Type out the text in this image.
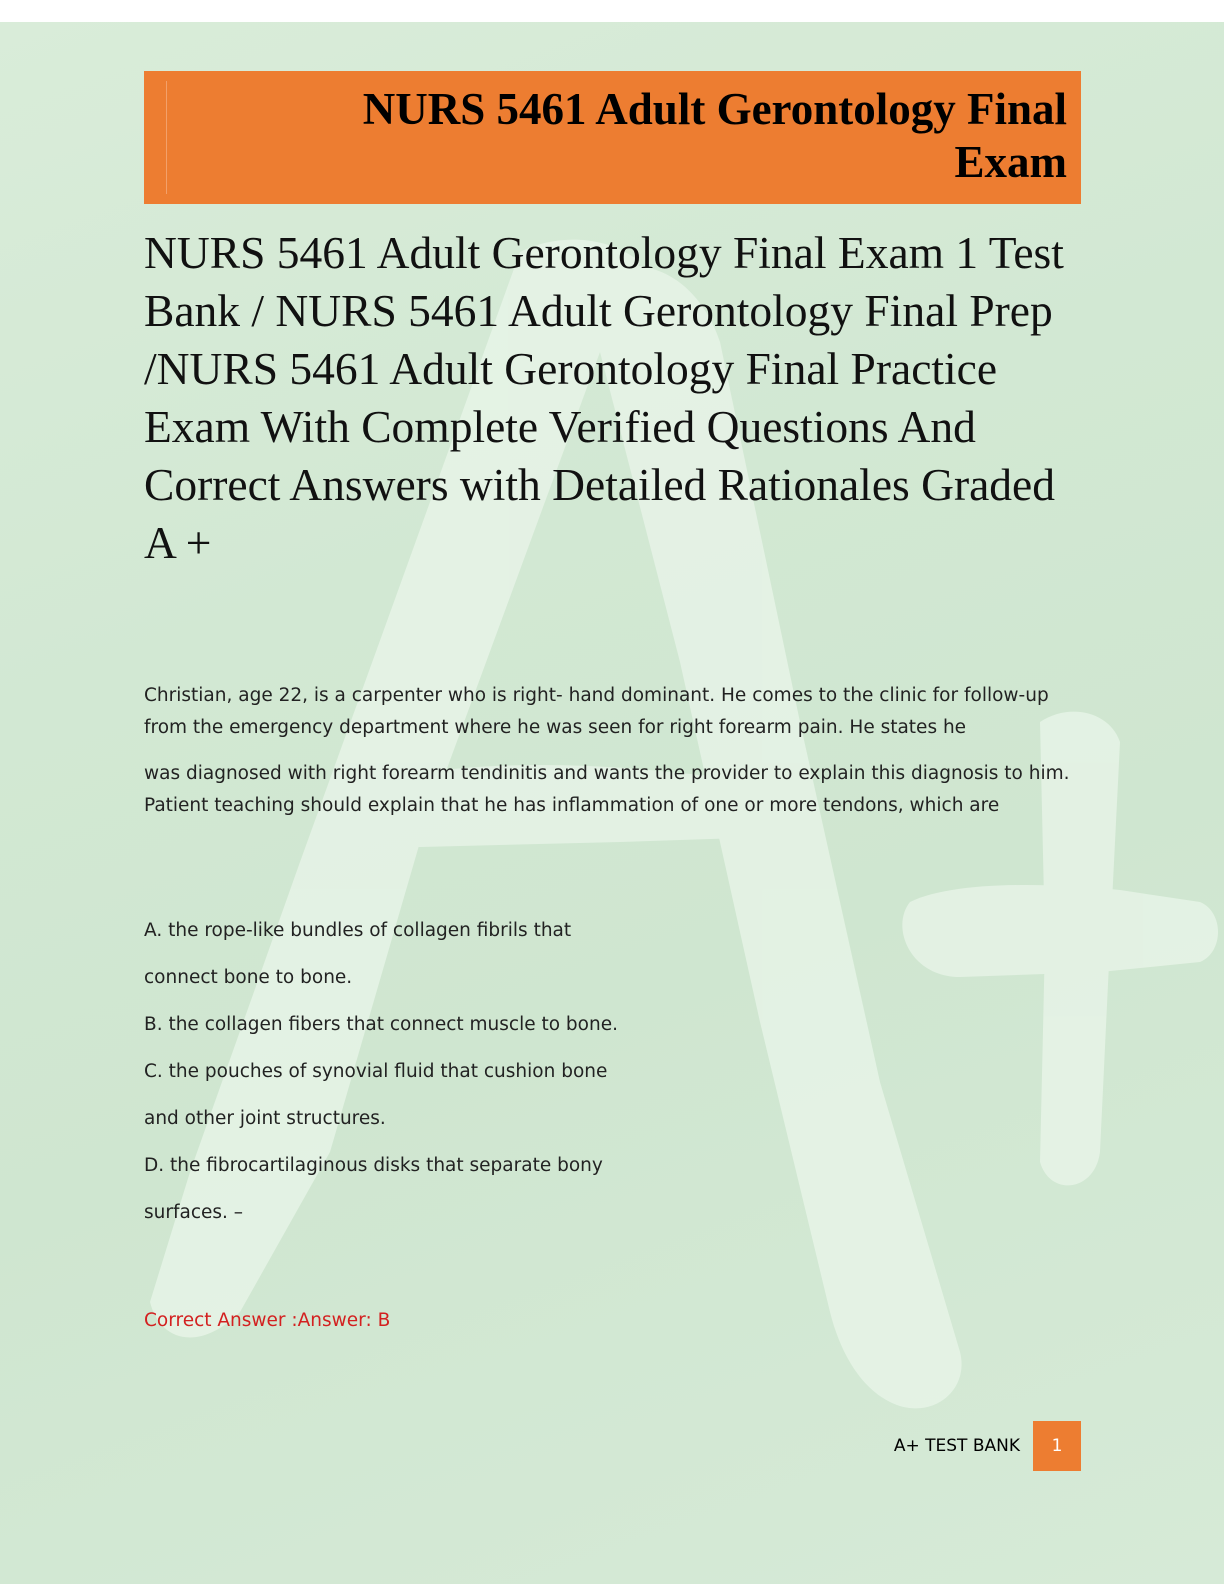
NURS 5461 Adult Gerontology Final Exam
NURS 5461 Adult Gerontology Final Exam 1 Test Bank / NURS 5461 Adult Gerontology Final Prep /NURS 5461 Adult Gerontology Final Practice Exam With Complete Verified Questions And Correct Answers with Detailed Rationales Graded A +

Christian, age 22, is a carpenter who is right- hand dominant. He comes to the clinic for follow-up from the emergency department where he was seen for right forearm pain. He states he

was diagnosed with right forearm tendinitis and wants the provider to explain this diagnosis to him. Patient teaching should explain that he has inflammation of one or more tendons, which are

A. the rope-like bundles of collagen fibrils that

connect bone to bone.

B. the collagen fibers that connect muscle to bone.

C. the pouches of synovial fluid that cushion bone

and other joint structures.

D. the fibrocartilaginous disks that separate bony

surfaces. –

Correct Answer :Answer: B

A+ TEST BANK	1
